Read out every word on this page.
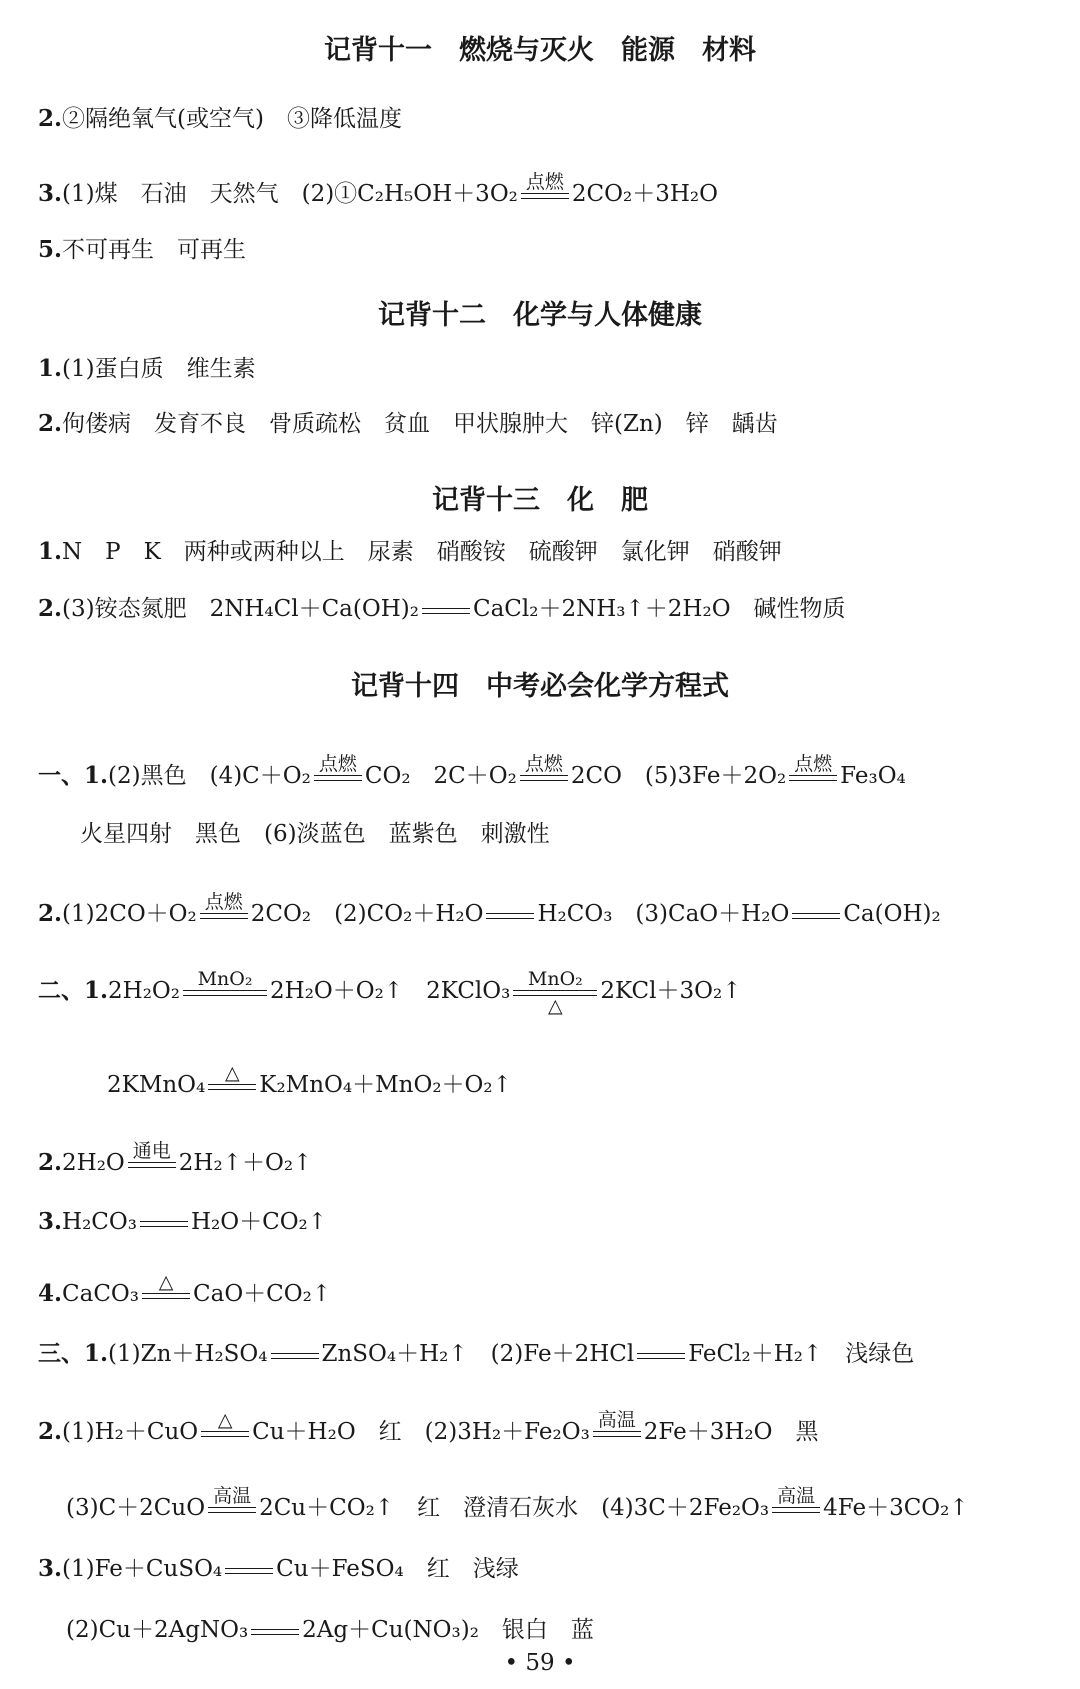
记背十一　燃烧与灭火　能源　材料
记背十二　化学与人体健康
记背十三　化　肥
记背十四　中考必会化学方程式
2.②隔绝氧气(或空气)　③降低温度
3.(1)煤　石油　天然气　(2)①C₂H₅OH＋3O₂ 点燃 2CO₂＋3H₂O
5.不可再生　可再生
1.(1)蛋白质　维生素
2.佝偻病　发育不良　骨质疏松　贫血　甲状腺肿大　锌(Zn)　锌　龋齿
1.N　P　K　两种或两种以上　尿素　硝酸铵　硫酸钾　氯化钾　硝酸钾
2.(3)铵态氮肥　2NH₄Cl＋Ca(OH)₂ CaCl₂＋2NH₃↑＋2H₂O　碱性物质
一、1.(2)黑色　(4)C＋O₂ 点燃 CO₂　2C＋O₂ 点燃 2CO　(5)3Fe＋2O₂ 点燃 Fe₃O₄
火星四射　黑色　(6)淡蓝色　蓝紫色　刺激性
2.(1)2CO＋O₂ 点燃 2CO₂　(2)CO₂＋H₂O H₂CO₃　(3)CaO＋H₂O Ca(OH)₂
二、1.2H₂O₂ MnO₂ 2H₂O＋O₂↑　2KClO₃ MnO₂
△
2KCl＋3O₂↑
2KMnO₄	△ K₂MnO₄＋MnO₂＋O₂↑
2.2H₂O 通电 2H₂↑＋O₂↑
3.H₂CO₃ H₂O＋CO₂↑
4.CaCO₃	△ CaO＋CO₂↑
三、1.(1)Zn＋H₂SO₄ ZnSO₄＋H₂↑　(2)Fe＋2HCl FeCl₂＋H₂↑　浅绿色
2.(1)H₂＋CuO	△ Cu＋H₂O　红　(2)3H₂＋Fe₂O₃ 高温 2Fe＋3H₂O　黑
(3)C＋2CuO 高温 2Cu＋CO₂↑　红　澄清石灰水　(4)3C＋2Fe₂O₃ 高温 4Fe＋3CO₂↑
3.(1)Fe＋CuSO₄ Cu＋FeSO₄　红　浅绿
(2)Cu＋2AgNO₃ 2Ag＋Cu(NO₃)₂　银白　蓝
• 59 •
